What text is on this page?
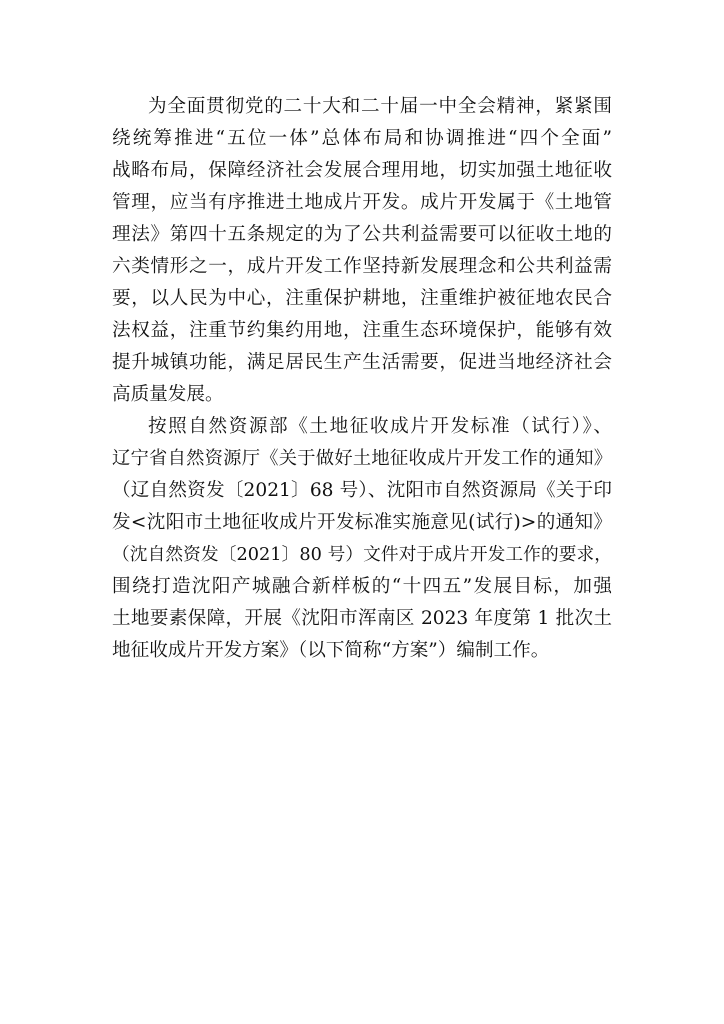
为全面贯彻党的二十大和二十届一中全会精神，紧紧围
绕统筹推进“五位一体”总体布局和协调推进“四个全面”
战略布局，保障经济社会发展合理用地，切实加强土地征收
管理，应当有序推进土地成片开发。成片开发属于《土地管
理法》第四十五条规定的为了公共利益需要可以征收土地的
六类情形之一，成片开发工作坚持新发展理念和公共利益需
要，以人民为中心，注重保护耕地，注重维护被征地农民合
法权益，注重节约集约用地，注重生态环境保护，能够有效
提升城镇功能，满足居民生产生活需要，促进当地经济社会
高质量发展。
按照自然资源部《土地征收成片开发标准（试行）》、
辽宁省自然资源厅《关于做好土地征收成片开发工作的通知》
（辽自然资发〔2021〕68 号）、沈阳市自然资源局《关于印
发<沈阳市土地征收成片开发标准实施意见(试行)>的通知》
（沈自然资发〔2021〕80 号）文件对于成片开发工作的要求，
围绕打造沈阳产城融合新样板的“十四五”发展目标，加强
土地要素保障，开展《沈阳市浑南区 2023 年度第 1 批次土
地征收成片开发方案》（以下简称“方案”）编制工作。
